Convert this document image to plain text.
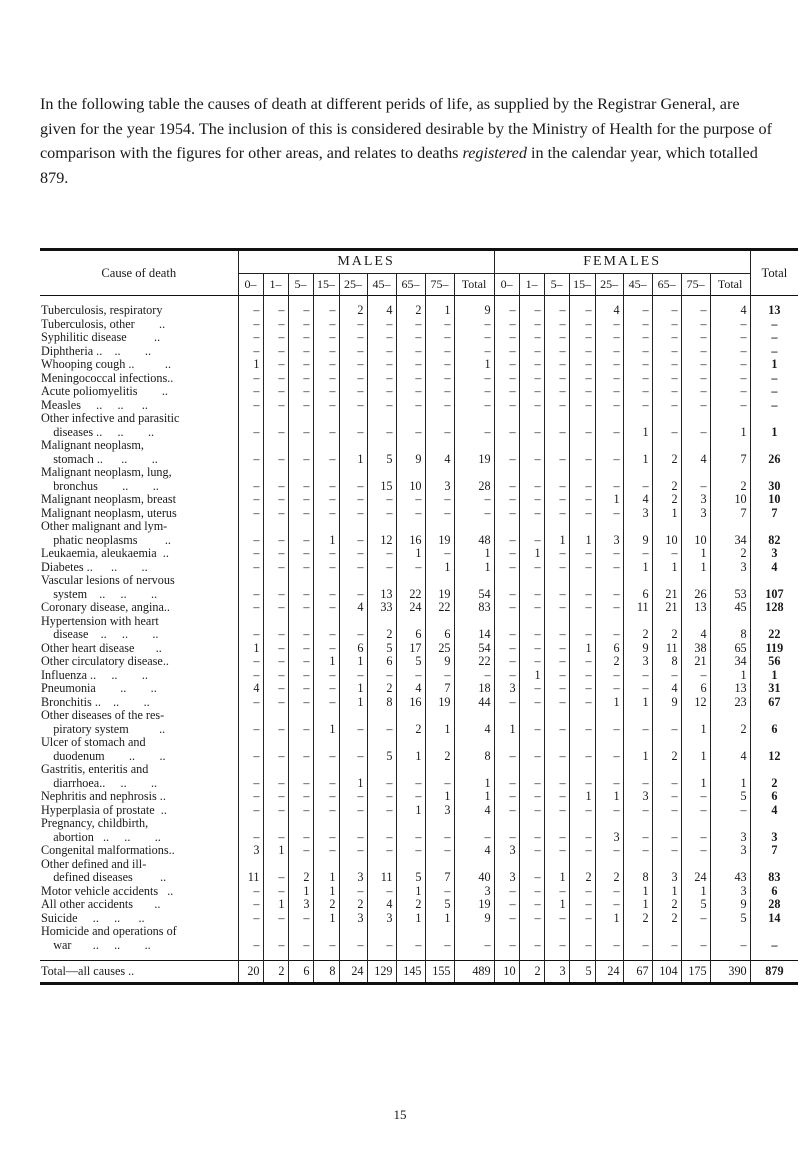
In the following table the causes of death at different perids of life, as supplied by the Registrar General, are given for the year 1954. The inclusion of this is considered desirable by the Ministry of Health for the purpose of comparison with the figures for other areas, and relates to deaths registered in the calendar year, which totalled 879.

Cause of death	MALES									FEMALES									Total
	0–	1–	5–	15–	25–	45–	65–	75–	Total	0–	1–	5–	15–	25–	45–	65–	75–	Total	

Tuberculosis, respiratory	–	–	–	–	2	4	2	1	9	–	–	–	–	4	–	–	–	4	13
Tuberculosis, other        ..	–	–	–	–	–	–	–	–	–	–	–	–	–	–	–	–	–	–	–
Syphilitic disease         ..	–	–	–	–	–	–	–	–	–	–	–	–	–	–	–	–	–	–	–
Diphtheria ..    ..        ..	–	–	–	–	–	–	–	–	–	–	–	–	–	–	–	–	–	–	–
Whooping cough ..          ..	1	–	–	–	–	–	–	–	1	–	–	–	–	–	–	–	–	–	1
Meningococcal infections..	–	–	–	–	–	–	–	–	–	–	–	–	–	–	–	–	–	–	–
Acute poliomyelitis        ..	–	–	–	–	–	–	–	–	–	–	–	–	–	–	–	–	–	–	–
Measles     ..     ..      ..	–	–	–	–	–	–	–	–	–	–	–	–	–	–	–	–	–	–	–
Other infective and parasitic																			
 diseases ..     ..        ..	–	–	–	–	–	–	–	–	–	–	–	–	–	–	1	–	–	1	1
Malignant neoplasm,																			
 stomach ..      ..        ..	–	–	–	–	1	5	9	4	19	–	–	–	–	–	1	2	4	7	26
Malignant neoplasm, lung,																			
 bronchus        ..        ..	–	–	–	–	–	15	10	3	28	–	–	–	–	–	–	2	–	2	30
Malignant neoplasm, breast	–	–	–	–	–	–	–	–	–	–	–	–	–	1	4	2	3	10	10
Malignant neoplasm, uterus	–	–	–	–	–	–	–	–	–	–	–	–	–	–	3	1	3	7	7
Other malignant and lym-																			
 phatic neoplasms         ..	–	–	–	1	–	12	16	19	48	–	–	1	1	3	9	10	10	34	82
Leukaemia, aleukaemia  ..	–	–	–	–	–	–	1	–	1	–	1	–	–	–	–	–	1	2	3
Diabetes ..      ..        ..	–	–	–	–	–	–	–	1	1	–	–	–	–	–	1	1	1	3	4
Vascular lesions of nervous																			
 system    ..     ..        ..	–	–	–	–	–	13	22	19	54	–	–	–	–	–	6	21	26	53	107
Coronary disease, angina..	–	–	–	–	4	33	24	22	83	–	–	–	–	–	11	21	13	45	128
Hypertension with heart																			
 disease    ..     ..        ..	–	–	–	–	–	2	6	6	14	–	–	–	–	–	2	2	4	8	22
Other heart disease       ..	1	–	–	–	6	5	17	25	54	–	–	–	1	6	9	11	38	65	119
Other circulatory disease..	–	–	–	1	1	6	5	9	22	–	–	–	–	2	3	8	21	34	56
Influenza ..     ..        ..	–	–	–	–	–	–	–	–	–	–	1	–	–	–	–	–	–	1	1
Pneumonia        ..        ..	4	–	–	–	1	2	4	7	18	3	–	–	–	–	–	4	6	13	31
Bronchitis ..    ..        ..	–	–	–	–	1	8	16	19	44	–	–	–	–	1	1	9	12	23	67
Other diseases of the res-																			
 piratory system          ..	–	–	–	1	–	–	2	1	4	1	–	–	–	–	–	–	1	2	6
Ulcer of stomach and																			
 duodenum        ..        ..	–	–	–	–	–	5	1	2	8	–	–	–	–	–	1	2	1	4	12
Gastritis, enteritis and																			
 diarrhoea..     ..        ..	–	–	–	–	1	–	–	–	1	–	–	–	–	–	–	–	1	1	2
Nephritis and nephrosis ..	–	–	–	–	–	–	–	1	1	–	–	–	1	1	3	–	–	5	6
Hyperplasia of prostate  ..	–	–	–	–	–	–	1	3	4	–	–	–	–	–	–	–	–	–	4
Pregnancy, childbirth,																			
 abortion   ..     ..        ..	–	–	–	–	–	–	–	–	–	–	–	–	–	3	–	–	–	3	3
Congenital malformations..	3	1	–	–	–	–	–	–	4	3	–	–	–	–	–	–	–	3	7
Other defined and ill-																			
 defined diseases         ..	11	–	2	1	3	11	5	7	40	3	–	1	2	2	8	3	24	43	83
Motor vehicle accidents   ..	–	–	1	1	–	–	1	–	3	–	–	–	–	–	1	1	1	3	6
All other accidents       ..	–	1	3	2	2	4	2	5	19	–	–	1	–	–	1	2	5	9	28
Suicide     ..     ..      ..	–	–	–	1	3	3	1	1	9	–	–	–	–	1	2	2	–	5	14
Homicide and operations of																			
 war       ..     ..        ..	–	–	–	–	–	–	–	–	–	–	–	–	–	–	–	–	–	–	–

Total—all causes ..	20	2	6	8	24	129	145	155	489	10	2	3	5	24	67	104	175	390	879
15
